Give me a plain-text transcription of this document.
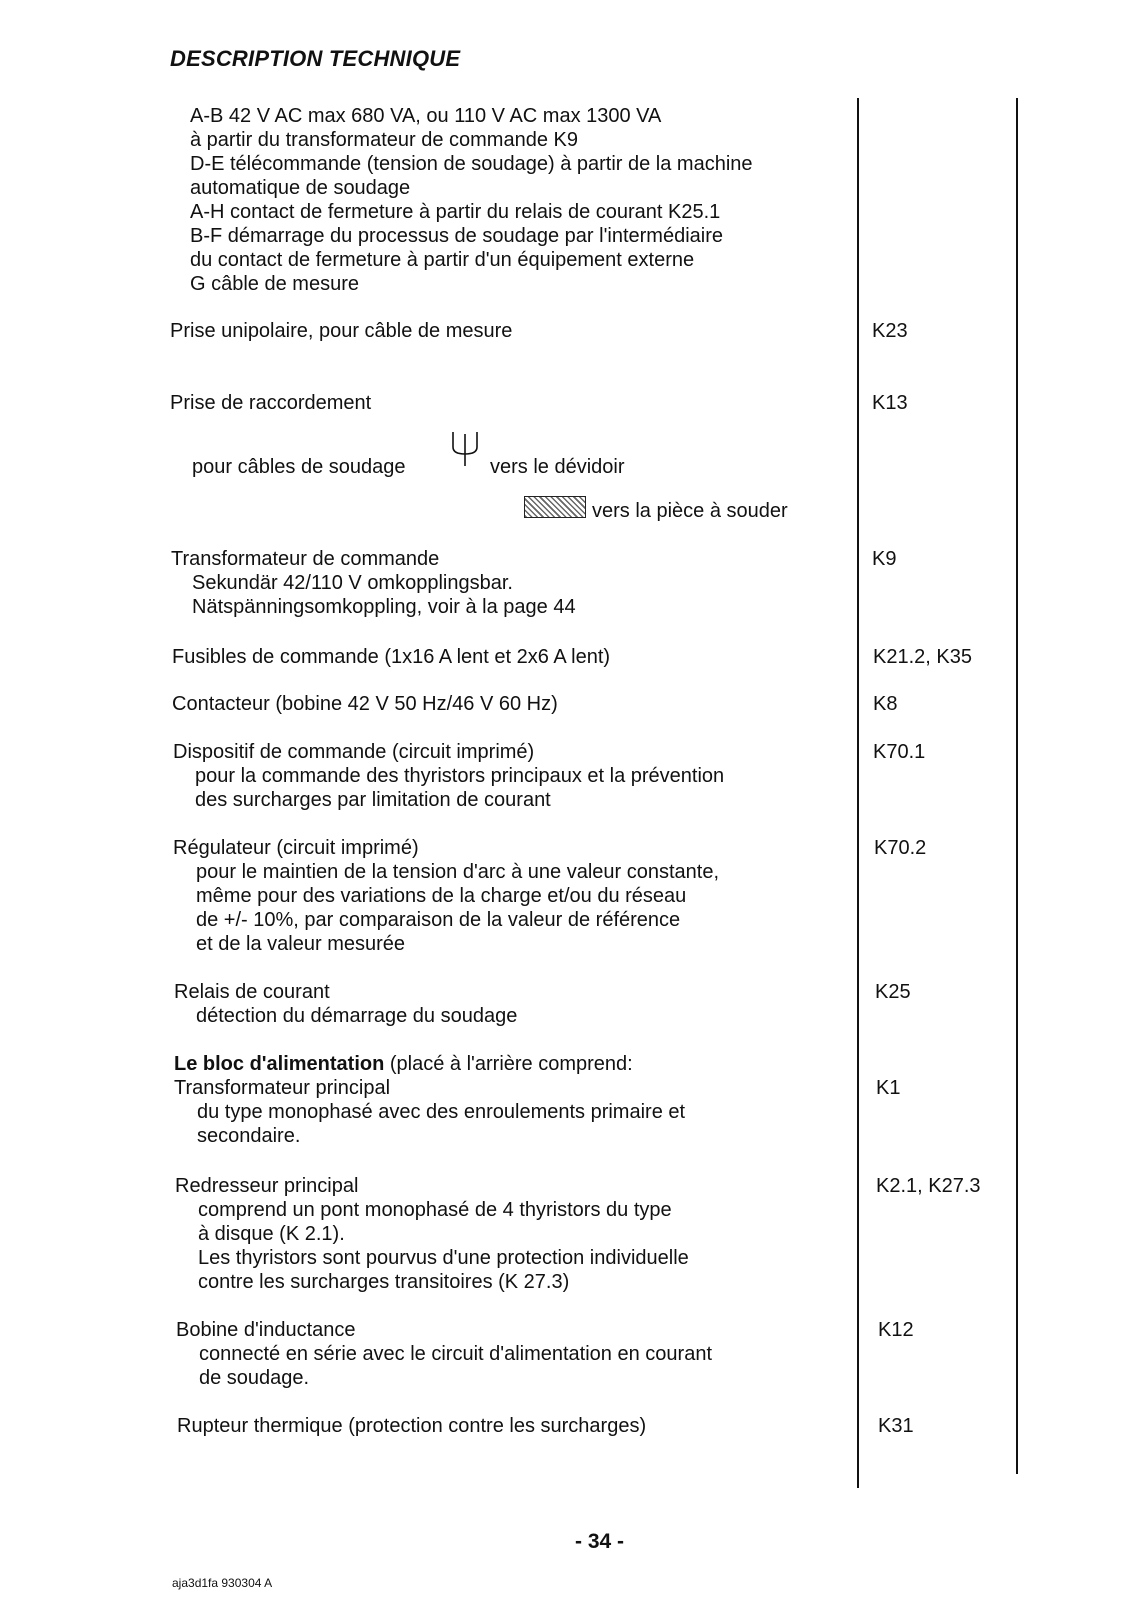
DESCRIPTION TECHNIQUE
A-B 42 V AC max 680 VA, ou 110 V AC max 1300 VA
à partir du transformateur de commande K9
D-E télécommande (tension de soudage) à partir de la machine
automatique de soudage
A-H contact de fermeture à partir du relais de courant K25.1
B-F démarrage du processus de soudage par l'intermédiaire
du contact de fermeture à partir d'un équipement externe
G câble de mesure
Prise unipolaire, pour câble de mesure	K23
Prise de raccordement	K13
pour câbles de soudage	vers le dévidoir
vers la pièce à souder
Transformateur de commande	K9
Sekundär 42/110 V omkopplingsbar.
Nätspänningsomkoppling, voir à la page 44
Fusibles de commande (1x16 A lent et 2x6 A lent)	K21.2, K35
Contacteur (bobine 42 V 50 Hz/46 V 60 Hz)	K8
Dispositif de commande (circuit imprimé)	K70.1
pour la commande des thyristors principaux et la prévention
des surcharges par limitation de courant
Régulateur (circuit imprimé)	K70.2
pour le maintien de la tension d'arc à une valeur constante,
même pour des variations de la charge et/ou du réseau
de +/- 10%, par comparaison de la valeur de référence
et de la valeur mesurée
Relais de courant	K25
détection du démarrage du soudage
Le bloc d'alimentation (placé à l'arrière comprend:
Transformateur principal	K1
du type monophasé avec des enroulements primaire et
secondaire.
Redresseur principal	K2.1, K27.3
comprend un pont monophasé de 4 thyristors du type
à disque (K 2.1).
Les thyristors sont pourvus d'une protection individuelle
contre les surcharges transitoires (K 27.3)
Bobine d'inductance	K12
connecté en série avec le circuit d'alimentation en courant
de soudage.
Rupteur thermique (protection contre les surcharges)	K31
- 34 -
aja3d1fa 930304 A
